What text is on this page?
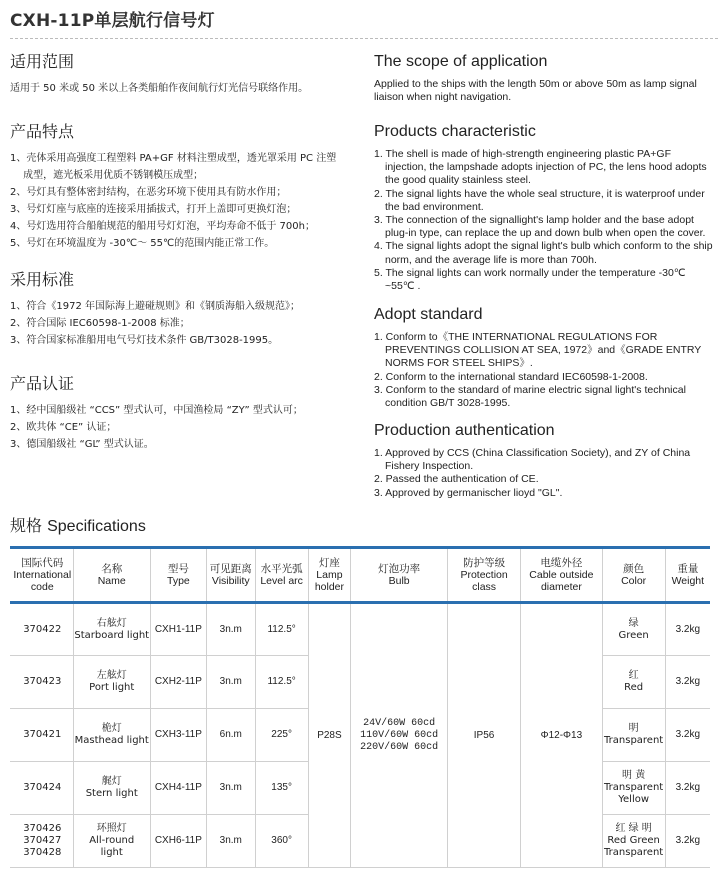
CXH-11P单层航行信号灯
适用范围
适用于 50 米或 50 米以上各类船舶作夜间航行灯光信号联络作用。
产品特点
1、壳体采用高强度工程塑料 PA+GF 材料注塑成型，透光罩采用 PC 注塑
　 成型，遮光板采用优质不锈钢模压成型；
2、号灯具有整体密封结构，在恶劣环境下使用具有防水作用；
3、号灯灯座与底座的连接采用插拔式，打开上盖即可更换灯泡；
4、号灯选用符合船舶规范的船用号灯灯泡，平均寿命不低于 700h；
5、号灯在环境温度为 -30℃～ 55℃的范围内能正常工作。
采用标准
1、符合《1972 年国际海上避碰规则》和《钢质海船入级规范》；
2、符合国际 IEC60598-1-2008 标准；
3、符合国家标准船用电气号灯技术条件 GB/T3028-1995。
产品认证
1、经中国船级社 “CCS” 型式认可，中国渔检局 “ZY” 型式认可；
2、欧共体 “CE” 认证；
3、德国船级社 “GL” 型式认证。
The scope of application
Applied to the ships with the length 50m or above 50m as lamp signal liaison when night navigation.
Products characteristic
1. The shell is made of high-strength engineering plastic PA+GF injection, the lampshade adopts injection of PC, the lens hood adopts the good quality stainless steel.
2. The signal lights have the whole seal structure, it is waterproof under the bad environment.
3. The connection of the signallight's lamp holder and the base adopt plug-in type, can replace the up and down bulb when open the cover.
4. The signal lights adopt the signal light's bulb which conform to the ship norm, and the average life is more than 700h.
5. The signal lights can work normally under the temperature -30℃ ~55℃ .
Adopt standard
1. Conform to《THE INTERNATIONAL REGULATIONS FOR PREVENTINGS COLLISION AT SEA, 1972》and《GRADE ENTRY NORMS FOR STEEL SHIPS》.
2. Conform to the international standard IEC60598-1-2008.
3. Conform to the standard of marine electric signal light's technical condition GB/T 3028-1995.
Production authentication
1. Approved by CCS (China Classification Society), and ZY of China Fishery Inspection.
2. Passed the authentication of CE.
3. Approved by germanischer lioyd "GL".
规格 Specifications
国际代码
International
code	名称
Name	型号
Type	可见距离
Visibility	水平光弧
Level arc	灯座
Lamp
holder	灯泡功率
Bulb	防护等级
Protection
class	电缆外径
Cable outside
diameter	颜色
Color	重量
Weight

370422	右舷灯
Starboard light	CXH1-11P	3n.m	112.5°	P28S	24V/60W 60cd
110V/60W 60cd
220V/60W 60cd	IP56	Φ12-Φ13	绿
Green	3.2kg

370423	左舷灯
Port light	CXH2-11P	3n.m	112.5°					红
Red	3.2kg

370421	桅灯
Masthead light	CXH3-11P	6n.m	225°					明
Transparent	3.2kg

370424	艉灯
Stern light	CXH4-11P	3n.m	135°					明 黄
Transparent
Yellow	3.2kg

370426
370427
370428	环照灯
All-round
light	CXH6-11P	3n.m	360°					红 绿 明
Red Green
Transparent	3.2kg
